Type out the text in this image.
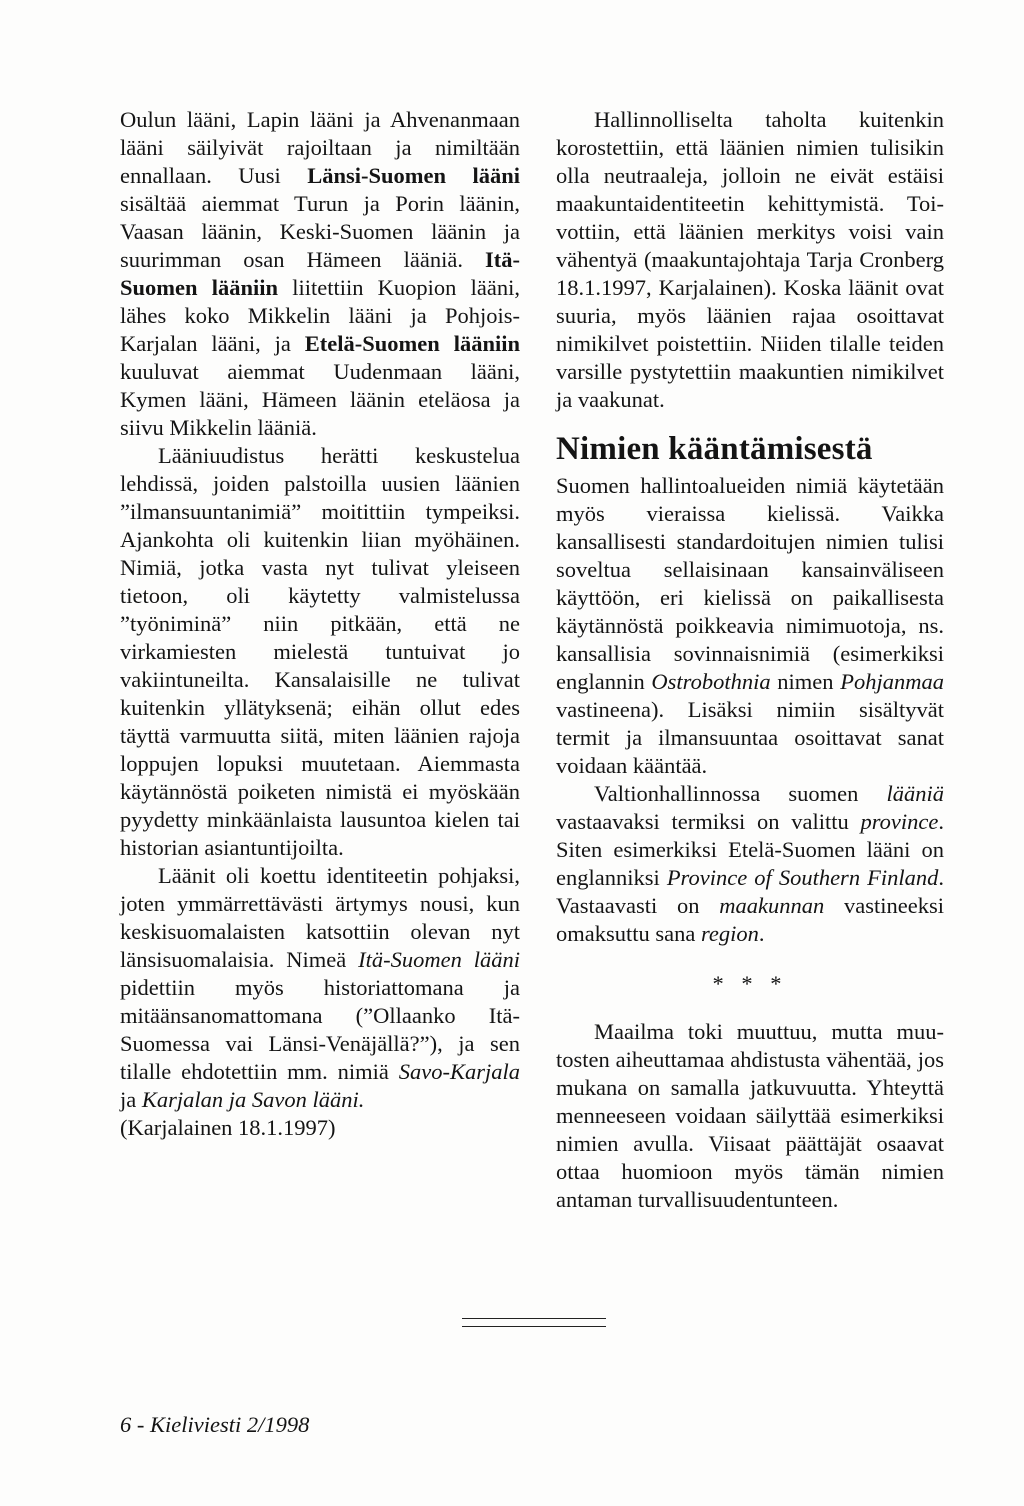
Oulun lääni, Lapin lääni ja Ahvenanmaan lääni säilyivät rajoiltaan ja nimiltään ennallaan. Uusi Länsi-Suomen lääni sisältää aiemmat Turun ja Porin läänin, Vaasan läänin, Keski-Suomen läänin ja suurimman osan Hämeen lääniä. Itä-Suomen lääniin liitettiin Kuopion lääni, lähes koko Mikkelin lääni ja Pohjois-Karjalan lääni, ja Etelä-Suomen lääniin kuuluvat aiemmat Uudenmaan lääni, Kymen lääni, Hämeen läänin eteläosa ja siivu Mikkelin lääniä.

Lääniuudistus herätti keskustelua lehdissä, joiden palstoilla uusien läänien ”ilmansuuntanimiä” moitittiin tympeiksi. Ajankohta oli kuitenkin liian myöhäinen. Nimiä, jotka vasta nyt tulivat yleiseen tietoon, oli käytetty valmistelussa ”työniminä” niin pitkään, että ne virkamiesten mielestä tuntuivat jo vakiintuneilta. Kansalaisille ne tulivat kuitenkin yllätyksenä; eihän ollut edes täyttä varmuutta siitä, miten läänien rajoja loppujen lopuksi muutetaan. Aiemmasta käytännöstä poiketen nimistä ei myöskään pyydetty minkäänlaista lausuntoa kielen tai historian asiantuntijoilta.

Läänit oli koettu identiteetin pohjaksi, joten ymmärrettävästi ärtymys nousi, kun keskisuomalaisten katsottiin olevan nyt länsisuomalaisia. Nimeä Itä-Suomen lääni pidettiin myös historiattomana ja mitäänsanomattomana (”Ollaanko Itä-Suomessa vai Länsi-Venäjällä?”), ja sen tilalle ehdotettiin mm. nimiä Savo-Karjala ja Karjalan ja Savon lääni.

(Karjalainen 18.1.1997)

Hallinnolliselta taholta kuitenkin korostettiin, että läänien nimien tulisikin olla neutraaleja, jolloin ne eivät estäisi maakuntaidentiteetin kehittymistä. Toivottiin, että läänien merkitys voisi vain vähentyä (maakuntajohtaja Tarja Cronberg 18.1.1997, Karjalainen). Koska läänit ovat suuria, myös läänien rajaa osoittavat nimikilvet poistettiin. Niiden tilalle teiden varsille pystytettiin maakuntien nimikilvet ja vaakunat.

Nimien kääntämisestä

Suomen hallintoalueiden nimiä käytetään myös vieraissa kielissä. Vaikka kansallisesti standardoitujen nimien tulisi soveltua sellaisinaan kansainväliseen käyttöön, eri kielissä on paikallisesta käytännöstä poikkeavia nimimuotoja, ns. kansallisia sovinnaisnimiä (esimerkiksi englannin Ostrobothnia nimen Pohjanmaa vastineena). Lisäksi nimiin sisältyvät termit ja ilmansuuntaa osoittavat sanat voidaan kääntää.

Valtionhallinnossa suomen lääniä vastaavaksi termiksi on valittu province. Siten esimerkiksi Etelä-Suomen lääni on englanniksi Province of Southern Finland. Vastaavasti on maakunnan vastineeksi omaksuttu sana region.

* * *

Maailma toki muuttuu, mutta muutosten aiheuttamaa ahdistusta vähentää, jos mukana on samalla jatkuvuutta. Yhteyttä menneeseen voidaan säilyttää esimerkiksi nimien avulla. Viisaat päättäjät osaavat ottaa huomioon myös tämän nimien antaman turvallisuudentunteen.

6 - Kieliviesti 2/1998
